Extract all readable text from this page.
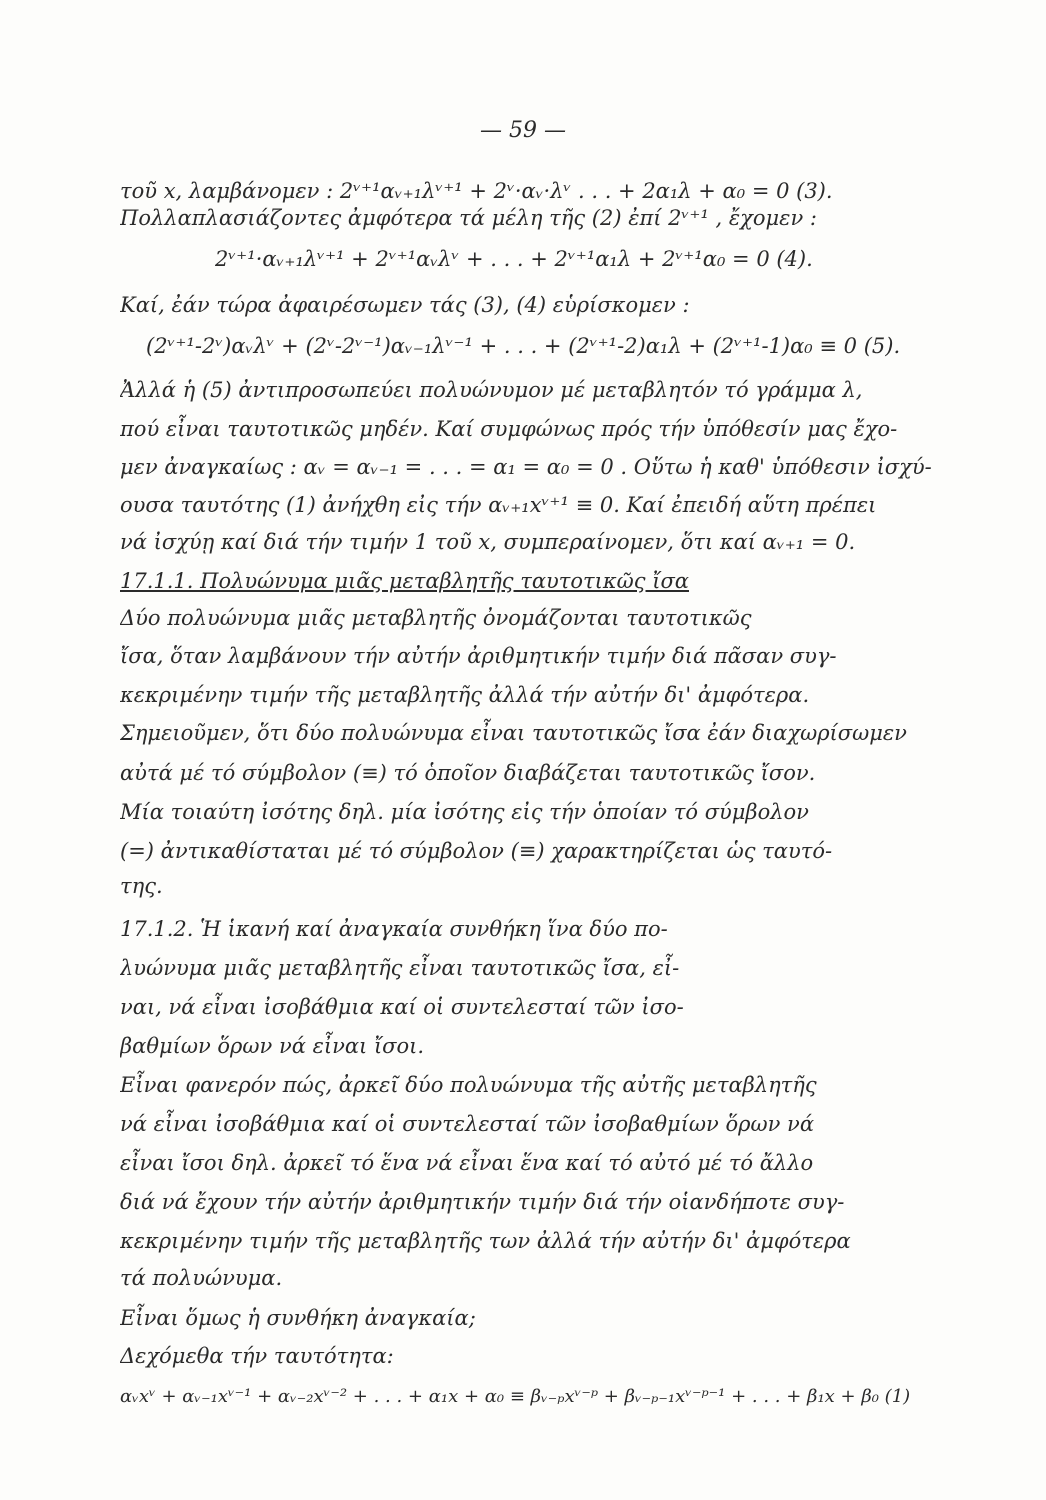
— 59 —
τοῦ x, λαμβάνομεν : 2ᵛ⁺¹αᵥ₊₁λᵛ⁺¹ + 2ᵛ·αᵥ·λᵛ . . . + 2α₁λ + α₀ = 0 (3).
Πολλαπλασιάζοντες ἀμφότερα τά μέλη τῆς (2) ἐπί 2ᵛ⁺¹ , ἔχομεν :
2ᵛ⁺¹·αᵥ₊₁λᵛ⁺¹ + 2ᵛ⁺¹αᵥλᵛ + . . . + 2ᵛ⁺¹α₁λ + 2ᵛ⁺¹α₀ = 0 (4).
Καί, ἐάν τώρα ἀφαιρέσωμεν τάς (3), (4) εὑρίσκομεν :
(2ᵛ⁺¹-2ᵛ)αᵥλᵛ + (2ᵛ-2ᵛ⁻¹)αᵥ₋₁λᵛ⁻¹ + . . . + (2ᵛ⁺¹-2)α₁λ + (2ᵛ⁺¹-1)α₀ ≡ 0 (5).
Ἀλλά ἡ (5) ἀντιπροσωπεύει πολυώνυμον μέ μεταβλητόν τό γράμμα λ,
πού εἶναι ταυτοτικῶς μηδέν. Καί συμφώνως πρός τήν ὑπόθεσίν μας ἔχο-
μεν ἀναγκαίως : αᵥ = αᵥ₋₁ = . . . = α₁ = α₀ = 0 . Οὕτω ἡ καθ' ὑπόθεσιν ἰσχύ-
ουσα ταυτότης (1) ἀνήχθη εἰς τήν αᵥ₊₁xᵛ⁺¹ ≡ 0. Καί ἐπειδή αὕτη πρέπει
νά ἰσχύῃ καί διά τήν τιμήν 1 τοῦ x, συμπεραίνομεν, ὅτι καί αᵥ₊₁ = 0.
17.1.1. Πολυώνυμα μιᾶς μεταβλητῆς ταυτοτικῶς ἴσα
Δύο πολυώνυμα μιᾶς μεταβλητῆς ὀνομάζονται ταυτοτικῶς
ἴσα, ὅταν λαμβάνουν τήν αὐτήν ἀριθμητικήν τιμήν διά πᾶσαν συγ-
κεκριμένην τιμήν τῆς μεταβλητῆς ἀλλά τήν αὐτήν δι' ἀμφότερα.
Σημειοῦμεν, ὅτι δύο πολυώνυμα εἶναι ταυτοτικῶς ἴσα ἐάν διαχωρίσωμεν
αὐτά μέ τό σύμβολον (≡) τό ὁποῖον διαβάζεται ταυτοτικῶς ἴσον.
Μία τοιαύτη ἰσότης δηλ. μία ἰσότης εἰς τήν ὁποίαν τό σύμβολον
(=) ἀντικαθίσταται μέ τό σύμβολον (≡) χαρακτηρίζεται ὡς ταυτό-
της.
17.1.2. Ἡ ἱκανή καί ἀναγκαία συνθήκη ἵνα δύο πο-
λυώνυμα μιᾶς μεταβλητῆς εἶναι ταυτοτικῶς ἴσα, εἶ-
ναι, νά εἶναι ἰσοβάθμια καί οἱ συντελεσταί τῶν ἰσο-
βαθμίων ὅρων νά εἶναι ἴσοι.
Εἶναι φανερόν πώς, ἀρκεῖ δύο πολυώνυμα τῆς αὐτῆς μεταβλητῆς
νά εἶναι ἰσοβάθμια καί οἱ συντελεσταί τῶν ἰσοβαθμίων ὅρων νά
εἶναι ἴσοι δηλ. ἀρκεῖ τό ἕνα νά εἶναι ἕνα καί τό αὐτό μέ τό ἄλλο
διά νά ἔχουν τήν αὐτήν ἀριθμητικήν τιμήν διά τήν οἱανδήποτε συγ-
κεκριμένην τιμήν τῆς μεταβλητῆς των ἀλλά τήν αὐτήν δι' ἀμφότερα
τά πολυώνυμα.
Εἶναι ὅμως ἡ συνθήκη ἀναγκαία;
Δεχόμεθα τήν ταυτότητα:
αᵥxᵛ + αᵥ₋₁xᵛ⁻¹ + αᵥ₋₂xᵛ⁻² + . . . + α₁x + α₀ ≡ βᵥ₋ₚxᵛ⁻ᵖ + βᵥ₋ₚ₋₁xᵛ⁻ᵖ⁻¹ + . . . + β₁x + β₀ (1)
